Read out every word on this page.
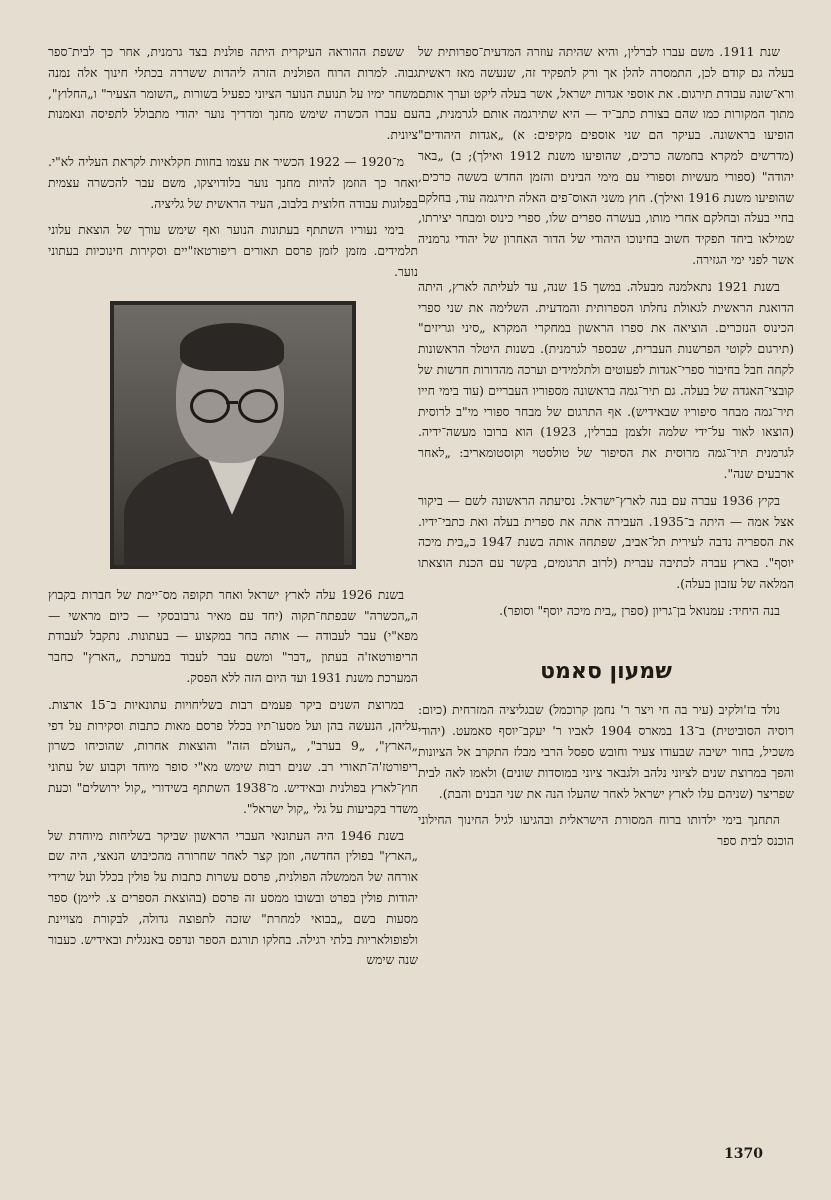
שנת 1911. משם עברו לברלין, והיא שהיתה עוזרה המדעית־ספרותית של בעלה גם קודם לכן, התמסרה להלן אך ורק לתפקיד זה, שנעשה מאז ראשית ורא־שונה עבודת תירגום. את אוספי אגדות ישראל, אשר בעלה ליקט וערך אותם מתוך המקורות כמו שהם בצורת כתב־יד — היא שתירגמה אותם לגרמנית, בה הופיעו בראשונה. בעיקר הם שני אוספים מקיפים: א) „אגדות היהודים" (מדרשים למקרא בחמשה כרכים, שהופיעו משנת 1912 ואילך); ב) „באר יהודה" (ספורי מעשיות וספורי עם מימי הבינים והזמן החדש בששה כרכים, שהופיעו משנת 1916 ואילך). חוץ משני האוס־פים האלה תירגמה עוד, בחלקם בחיי בעלה ובחלקם אחרי מותו, בעשרה ספרים שלו, ספרי כינוס ומבחר יצירתו, שמילאו ביחד תפקיד חשוב בחינוכו היהודי של הדור האחרון של יהודי גרמניה אשר לפני ימי הגזירה.

בשנת 1921 נתאלמנה מבעלה. במשך 15 שנה, עד לעליתה לארץ, היתה הדואגת הראשית לגאולת נחלתו הספרותית והמדעית. השלימה את שני ספרי הכינוס הנזכרים. הוציאה את ספרו הראשון במחקרי המקרא „סיני וגריזים" (תירגום לקוטי הפרשנות העברית, שבספר לגרמנית). בשנות היטלר הראשונות לקחה חבל בחיבור ספרי־אגדות לפעוטים ולתלמידים וערכה מהדורות חדשות של קובצי־האגדה של בעלה. גם תיר־גמה בראשונה מספוריו העבריים (עוד בימי חייו תיר־גמה מבחר סיפוריו שבאידיש). אף התרגום של מבחר ספורי מי"ב לרוסית (הוצאו לאור על־ידי שלמה זלצמן בברלין, 1923) הוא ברובו מעשה־ידיה. לגרמנית תיר־גמה מרוסית את הסיפור של טולסטוי וקוסטומאריב: „לאחר ארבעים שנה".

בקיץ 1936 עברה עם בנה לארץ־ישראל. נסיעתה הראשונה לשם — ביקור אצל אמה — היתה ב־1935. העבירה אתה את ספרית בעלה ואת כתבי־ידיו. את הספריה נדבה לעירית תל־אביב, שפתחה אותה בשנת 1947 כ„בית מיכה יוסף". בארץ עברה לכתיבה עברית (לרוב תרגומים, בקשר עם הכנת הוצאתו המלאה של עזבון בעלה).

בנה היחיד: עמנואל בן־גריון (ספרן „בית מיכה יוסף" וסופר).

שמעון סאמט

נולד בז'ולקיב (עיר בה חי ויצר ר' נחמן קרוכמל) שבגליציה המזרחית (כיום: רוסיה הסוביטית) ב־13 במארס 1904 לאביו ר' יעקב־יוסף סאמעט. (יהודי משכיל, בחור ישיבה שבעודו צעיר וחובש ספסל הרבי מבלז התקרב אל הציונות והפך במרוצת שנים לציוני נלהב ולגבאר ציוני במוסדות שונים) ולאמו לאה לבית שפריצר (שניהם עלו לארץ ישראל לאחר שהעלו הנה את שני הבנים והבת).

התחנך בימי ילדותו ברוח המסורת הישראלית ובהגיעו לגיל החינוך החילוני הוכנס לבית ספר

ששפת ההוראה העיקרית היתה פולנית בצד גרמנית, אחר כך לבית־ספר גבוה. למרות הרוח הפולנית הזרה ליהדות ששררה בכתלי חינוך אלה נמנה משחר ימיו על תנועת הנוער הציוני כפעיל בשורות „השומר הצעיר" ו„החלוץ", עם עברו הכשרה שימש מחנך ומדריך נוער יהודי מתבולל לתפיסה ונאמנות ציונית.

מ־1920 — 1922 הכשיר את עצמו בחוות חקלאיות לקראת העליה לא"י. ואחר כך הוזמן להיות מחנך נוער בלודויצקו, משם עבר להכשרה עצמית בפלוגות עבודה חלוצית בלבוב, העיר הראשית של גליציה.

בימי נעוריו השתתף בעתונות הנוער ואף שימש עורך של הוצאת עלוני תלמידים. מזמן לזמן פרסם תאורים ריפורטאז"יים וסקירות חינוכיות בעתוני נוער.

בשנת 1926 עלה לארץ ישראל ואחר תקופה מס־יימת של חברות בקבוץ ה„הכשרה" שבפתח־תקוה (יחד עם מאיר גרבובסקי — כיום מראשי — מפא"י) עבר לעבודה — אותה בחר במקצוע — בעתונות. נתקבל לעבודת הריפורטאז'ה בעתון „דבר" ומשם עבר לעבוד במערכת „הארץ" כחבר המערכת משנת 1931 ועד היום הזה ללא הפסק.

במרוצת השנים ביקר פעמים רבות בשליחויות עתונאיות ב־15 ארצות. עליהן, הנעשה בהן ועל מסעו־תיו בכלל פרסם מאות כתבות וסקירות על דפי „הארץ", „9 בערב", „העולם הזה" והוצאות אחרות, שהוכיחו כשרון ריפורטז'ה־תאורי רב. שנים רבות שימש מא"י סופר מיוחד וקבוע של עתוני חוץ־לארץ בפולנית ובאידיש. מ־1938 השתתף בשידורי „קול ירושלים" וכעת משדר בקביעות על גלי „קול ישראל".

בשנת 1946 היה העתונאי העברי הראשון שביקר בשליחות מיוחדת של „הארץ" בפולין החדשה, וזמן קצר לאחר שחרורה מהכיבוש הנאצי, היה שם אורחה של הממשלה הפולנית, פרסם עשרות כתבות על פולין בכלל ועל שרידי יהודות פולין בפרט ובשובו ממסע זה פרסם (בהוצאת הספרים צ. ליימן) ספר מסעות בשם „בבואי למחרת" שזכה לתפוצה גדולה, לבקורת מצויינת ולפופולאריות בלתי רגילה. בחלקו תורגם הספר ונדפס באנגלית ובאידיש. כעבור שנה שימש

1370
